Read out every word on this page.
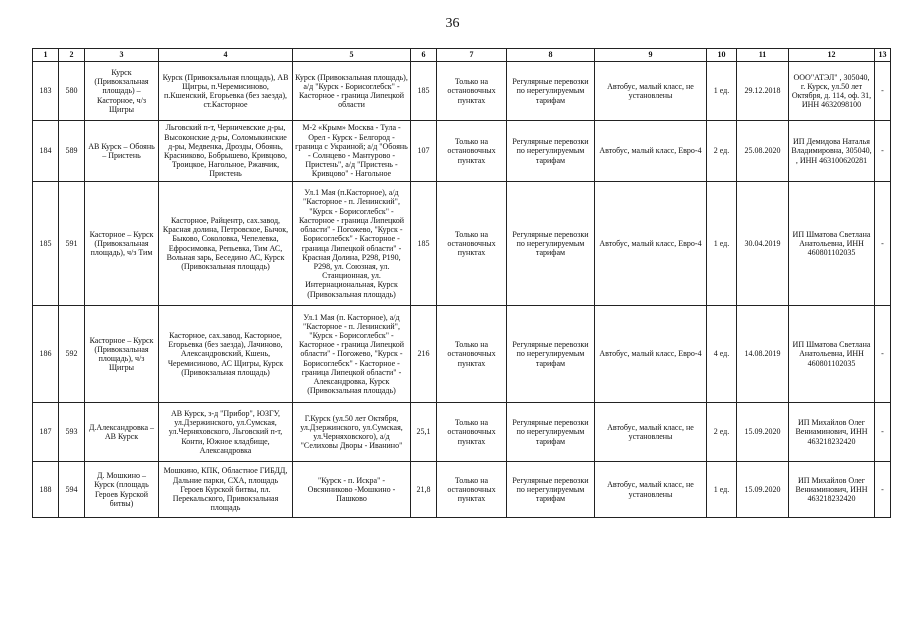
36
1	2	3	4	5	6	7	8	9	10	11	12	13
183	580	Курск (Привокзальная площадь) – Касторное, ч/з Щигры	Курск (Привокзальная площадь), АВ Щигры, п.Черемисиново, п.Кшенский, Егорьевка (без заезда), ст.Касторное	Курск (Привокзальная площадь), а/д "Курск - Борисоглебск" - Касторное - граница Липецкой области	185	Только на остановочных пунктах	Регулярные перевозки по нерегулируемым тарифам	Автобус, малый класс, не установлены	1 ед.	29.12.2018	ООО"АТЭЛ" , 305040, г. Курск, ул.50 лет Октября, д. 114, оф. 31, ИНН 4632098100	-
184	589	АВ Курск – Обоянь – Пристень	Льговский п-т, Черничевские д-ры, Высоконские д-ры, Соломыкинские д-ры, Медвенка, Дрозды, Обоянь, Красниково, Бобрышево, Кривцово, Троицкое, Нагольное, Ржавчик, Пристень	М-2 «Крым» Москва - Тула - Орел - Курск - Белгород - граница с Украиной; а/д "Обоянь - Солнцево - Мантурово - Пристень", а/д "Пристень - Кривцово" - Нагольное	107	Только на остановочных пунктах	Регулярные перевозки по нерегулируемым тарифам	Автобус, малый класс, Евро-4	2 ед.	25.08.2020	ИП Демидова Наталья Владимировна, 305040, , ИНН 463100620281	-
185	591	Касторное – Курск (Привокзальная площадь), ч/з Тим	Касторное, Райцентр, сах.завод, Красная долина, Петровское, Бычок, Быково, Соколовка, Чепелевка, Ефросимовка, Репьевка, Тим АС, Вольная зарь, Беседино АС, Курск (Привокзальная площадь)	Ул.1 Мая (п.Касторное), а/д "Касторное - п. Ленинский", "Курск - Борисоглебск" - Касторное - граница Липецкой области" - Погожево, "Курск - Борисоглебск" - Касторное - граница Липецкой области" - Красная Долина, Р298, Р190, Р298, ул. Союзная, ул. Станционная, ул. Интернациональная, Курск (Привокзальная площадь)	185	Только на остановочных пунктах	Регулярные перевозки по нерегулируемым тарифам	Автобус, малый класс, Евро-4	1 ед.	30.04.2019	ИП Шматова Светлана Анатольевна, ИНН 460801102035	-
186	592	Касторное – Курск (Привокзальная площадь), ч/з Щигры	Касторное, сах.завод, Касторное, Егорьевка (без заезда), Лачиново, Александровский, Кшень, Черемисиново, АС Щигры, Курск (Привокзальная площадь)	Ул.1 Мая (п. Касторное), а/д "Касторное - п. Ленинский", "Курск - Борисоглебск" - Касторное - граница Липецкой области" - Погожево, "Курск - Борисоглебск" - Касторное - граница Липецкой области" - Александровка, Курск (Привокзальная площадь)	216	Только на остановочных пунктах	Регулярные перевозки по нерегулируемым тарифам	Автобус, малый класс, Евро-4	4 ед.	14.08.2019	ИП Шматова Светлана Анатольевна, ИНН 460801102035	-
187	593	Д.Александровка – АВ Курск	АВ Курск, з-д "Прибор", ЮЗГУ, ул.Дзержинского, ул.Сумская, ул.Черняховского, Льговский п-т, Конти, Южное кладбище, Александровка	Г.Курск (ул.50 лет Октября, ул.Дзержинского, ул.Сумская, ул.Черняховского), а/д "Селиховы Дворы - Иванино"	25,1	Только на остановочных пунктах	Регулярные перевозки по нерегулируемым тарифам	Автобус, малый класс, не установлены	2 ед.	15.09.2020	ИП Михайлов Олег Вениаминович, ИНН 463218232420	-
188	594	Д. Мошкино – Курск (площадь Героев Курской битвы)	Мошкино, КПК, Областное ГИБДД, Дальние парки, СХА, площадь Героев Курской битвы, пл. Перекальского, Привокзальная площадь	"Курск - п. Искра" - Овсянниково -Мошкино - Пашково	21,8	Только на остановочных пунктах	Регулярные перевозки по нерегулируемым тарифам	Автобус, малый класс, не установлены	1 ед.	15.09.2020	ИП Михайлов Олег Вениаминович, ИНН 463218232420	-
